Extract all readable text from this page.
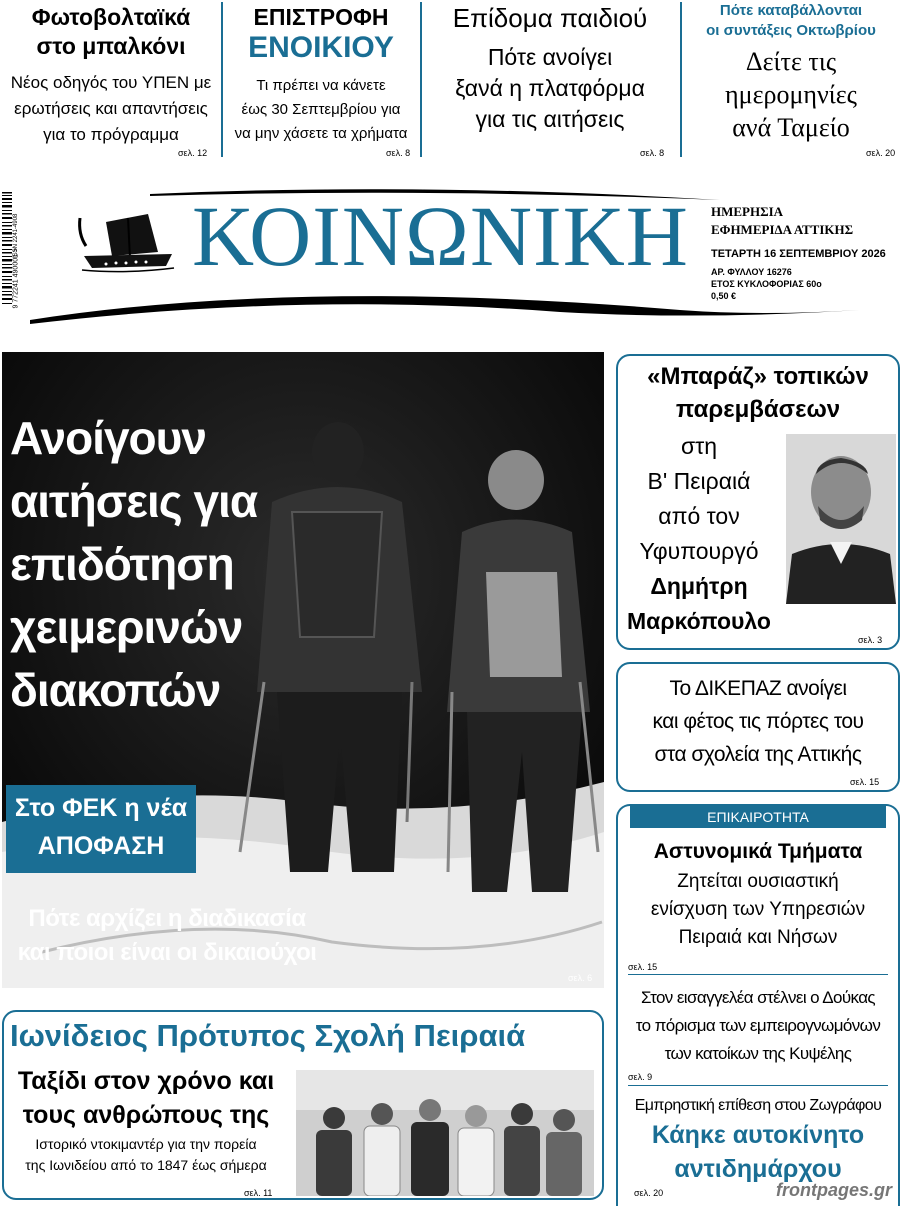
Φωτοβολταϊκά
στο μπαλκόνι
Νέος οδηγός του ΥΠΕΝ με
ερωτήσεις και απαντήσεις
για το πρόγραμμα
σελ. 12
ΕΠΙΣΤΡΟΦΗ
ΕΝΟΙΚΙΟΥ
Τι πρέπει να κάνετε
έως 30 Σεπτεμβρίου για
να μην χάσετε τα χρήματα
σελ. 8
Επίδομα παιδιού
Πότε ανοίγει
ξανά η πλατφόρμα
για τις αιτήσεις
σελ. 8
Πότε καταβάλλονται
οι συντάξεις Οκτωβρίου
Δείτε τις
ημερομηνίες
ανά Ταμείο
σελ. 20
9 772241 490001 >
ISSN 2241-4908 ΚΟΙΝΩΝΙΚΗ	ΗΜΕΡΗΣΙΑ
ΕΦΗΜΕΡΙΔΑ ΑΤΤΙΚΗΣ
ΤΕΤΑΡΤΗ 16 ΣΕΠΤΕΜΒΡΙΟΥ 2026
ΑΡ. ΦΥΛΛΟΥ 16276
ΕΤΟΣ ΚΥΚΛΟΦΟΡΙΑΣ 60ο
0,50 €
Ανοίγουν
αιτήσεις για
επιδότηση
χειμερινών
διακοπών
Στο ΦΕΚ η νέα
ΑΠΟΦΑΣΗ
Πότε αρχίζει η διαδικασία
και ποιοι είναι οι δικαιούχοι
σελ. 6
Ιωνίδειος Πρότυπος Σχολή Πειραιά
Ταξίδι στον χρόνο και
τους ανθρώπους της
Ιστορικό ντοκιμαντέρ για την πορεία
της Ιωνιδείου από το 1847 έως σήμερα
σελ. 11
«Μπαράζ» τοπικών
παρεμβάσεων
στη
Β' Πειραιά
από τον
Υφυπουργό
Δημήτρη
Μαρκόπουλο
σελ. 3
Το ΔΙΚΕΠΑΖ ανοίγει
και φέτος τις πόρτες του
στα σχολεία της Αττικής
σελ. 15
ΕΠΙΚΑΙΡΟΤΗΤΑ
Αστυνομικά Τμήματα
Ζητείται ουσιαστική
ενίσχυση των Υπηρεσιών
Πειραιά και Νήσων
σελ. 15
Στον εισαγγελέα στέλνει ο Δούκας
το πόρισμα των εμπειρογνωμόνων
των κατοίκων της Κυψέλης
σελ. 9
Εμπρηστική επίθεση στου Ζωγράφου
Κάηκε αυτοκίνητο
αντιδημάρχου
σελ. 20	frontpages.gr
